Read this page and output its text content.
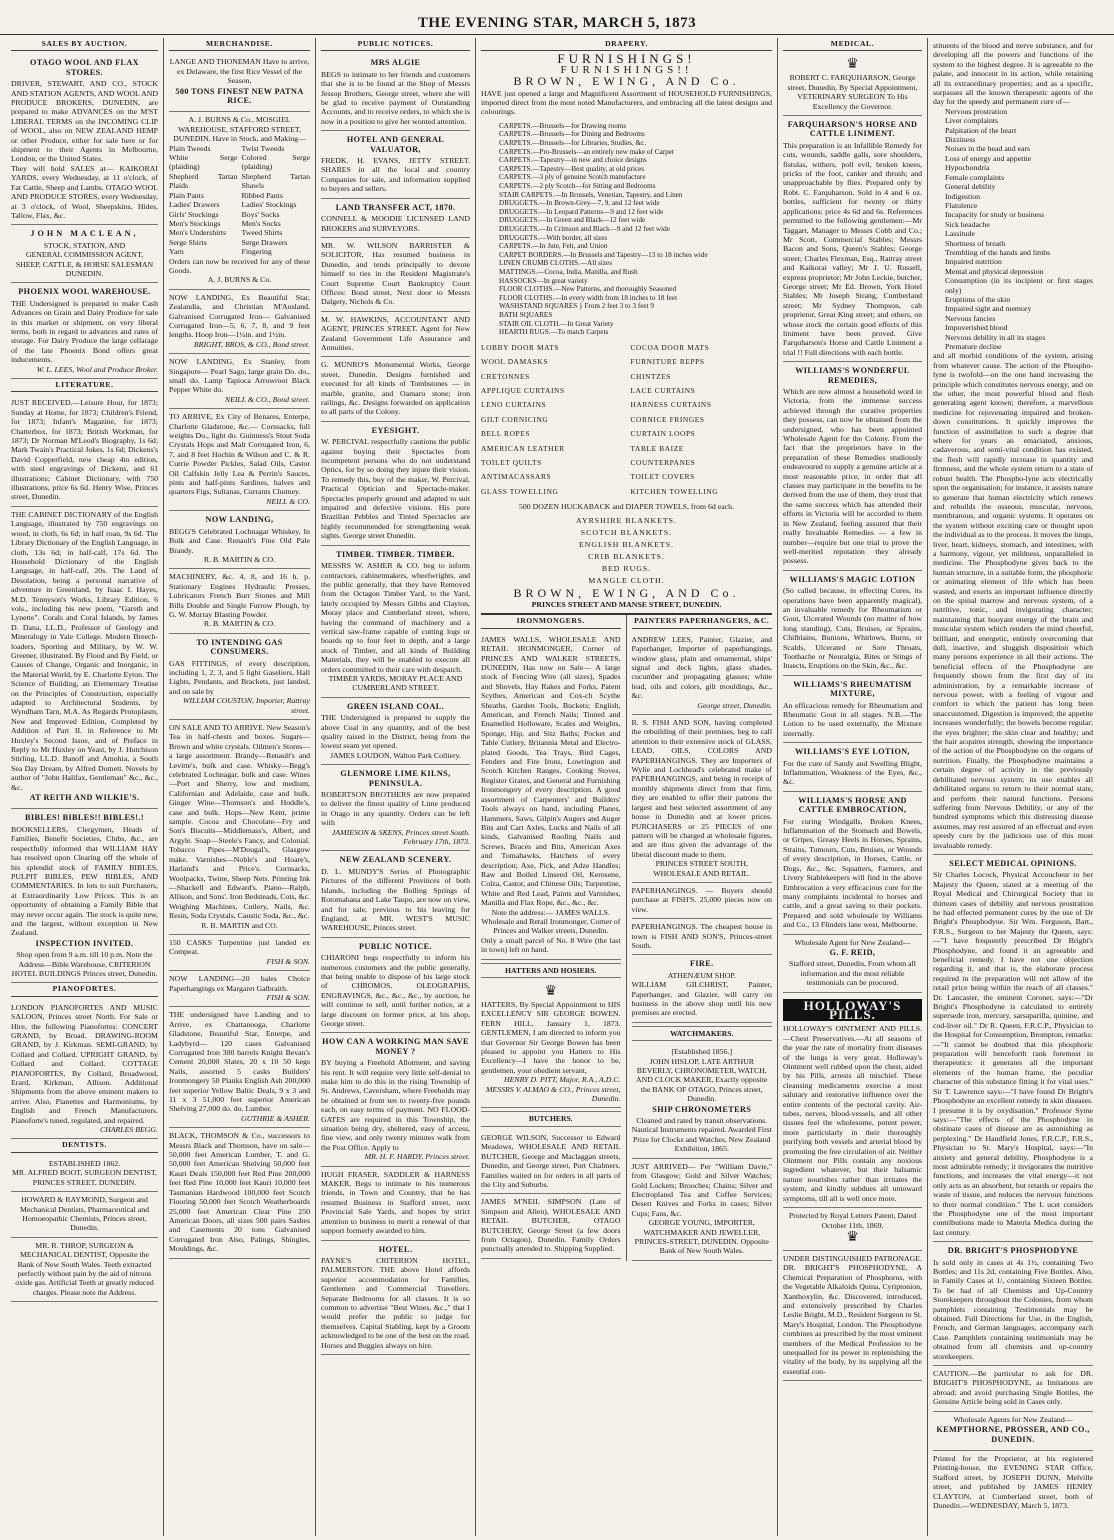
THE EVENING STAR, MARCH 5, 1873
SALES BY AUCTION.
OTAGO WOOL AND FLAX STORES.
DRIVER, STEWART, AND CO., STOCK AND STATION AGENTS, AND WOOL AND PRODUCE BROKERS, DUNEDIN, are prepared to make ADVANCES on the M'ST LIBERAL TERMS on the INCOMING CLIP of WOOL, also on NEW ZEALAND HEMP or other Produce, either for sale here or for shipment to their Agents in Melbourne, London, or the United States.
They will hold SALES at— KAIKORAI YARDS, every Wednesday, at 11 o'clock, of Fat Cattle, Sheep and Lambs. OTAGO WOOL AND PRODUCE STORES, every Wednesday, at 3 o'clock, of Wool, Sheepskins, Hides, Tallow, Flax, &c.
JOHN MACLEAN,
STOCK, STATION, AND
GENERAL COMMISSION AGENT,
SHEEP, CATTLE, & HORSE SALESMAN
DUNEDIN.
PHOENIX WOOL WAREHOUSE.
THE Undersigned is prepared to make Cash Advances on Grain and Dairy Produce for sale in this market or shipment, on very liberal terms, both in regard to advances and rates of storage. For Dairy Produce the large cellarage of the late Phoenix Bond offers great inducements.
W. L. LEES, Wool and Produce Broker.
LITERATURE.
JUST RECEIVED.—Leisure Hour, for 1873; Sunday at Home, for 1873; Children's Friend, for 1873; Infant's Magazine, for 1873; Chatterbox, for 1873; British Workman, for 1873; Dr Norman M'Leod's Biography, 1s 6d; Mark Twain's Practical Jokes, 1s 6d; Dickens's David Copperfield, new cheap 4to edition, with steel engravings of Dickens, and 61 illustrations; Cabinet Dictionary, with 750 illustrations, price 6s 6d. Henry Wise, Princes street, Dunedin.
THE CABINET DICTIONARY of the English Language, illustrated by 750 engravings on wood, in cloth, 6s 6d; in half roan, 9s 6d. The Library Dictionary of the English Language, in cloth, 13s 6d; in half-calf, 17s 6d. The Household Dictionary of the English Language, in half-calf, 20s. The Land of Desolation, being a personal narrative of adventure in Greenland, by Isaac I. Hayes, M.D. Tennyson's Works, Library Edition, 6 vols., including his new poem, "Gareth and Lynette". Corals and Coral Islands, by James D. Dana, LL.D., Professor of Geology and Mineralogy in Yale College. Modern Breech-loaders, Sporting and Military, by W. W. Greener, illustrated. By Flood and By Field, or Causes of Change, Organic and Inorganic, in the Material World, by E. Charlotte Eyton. The Science of Building, an Elementary Treatise on the Principles of Construction, especially adapted to Architectural Students, by Wyndham Tarn, M.A. As Regards Protoplasm, New and Improved Edition, Completed by Addition of Part II. in Reference to Mr Huxley's Second Issue, and of Preface in Reply to Mr Huxley on Yeast, by J. Hutchison Stirling, LL.D. Banoff and Amohia, a South Sea Day Dream, by Alfred Domett. Novels by author of "John Halifax, Gentleman" &c., &c., &c.
AT REITH AND WILKIE'S.
BIBLES! BIBLES!! BIBLES!.!
BOOKSELLERS, Clergymen, Heads of Families, Benefit Societies, Clubs, &c., are respectfully informed that WILLIAM HAY has resolved upon Clearing off the whole of his splendid stock of FAMILY BIBLES, PULPIT BIBLES, PEW BIBLES, AND COMMENTARIES. In lots to suit Purchasers, at Extraordinarily Low Prices. This is an opportunity of obtaining a Family Bible that may never occur again. The stock is quite new, and the largest, without exception in New Zealand.
INSPECTION INVITED.
Shop open from 9 a.m. till 10 p.m. Note the Address—Bible Warehouse, CRITERION HOTEL BUILDINGS Princes street, Dunedin.
PIANOFORTES.
LONDON PIANOFORTES AND MUSIC SALOON, Princes street North. For Sale or Hire, the following Pianofortes: CONCERT GRAND, by Broad. DRAWING-ROOM GRAND, by J. Kirkman. SEMI-GRAND, by Collard and Collard. UPRIGHT GRAND, by Collard and Collard. COTTAGE PIANOFORTES, By Collard, Broadwood, Erard, Kirkman, Allison. Additional Shipments from the above eminent makers to arrive. Also, Pianettes and Harmoniums, by English and French Manufacturers. Pianoforte's tuned, regulated, and repaired.
CHARLES BEGG.
DENTISTS.
ESTABLISHED 1862.
MR. ALFRED BOOT, SURGEON DENTIST, PRINCES STREET, DUNEDIN.
HOWARD & RAYMOND, Surgeon and Mechanical Dentists, Pharmaceutical and Homoeopathic Chemists, Princes street, Dunedin.
MR. R. THROP, SURGEON & MECHANICAL DENTIST, Opposite the Bank of New South Wales. Teeth extracted perfectly without pain by the aid of nitrous oxide gas. Artificial Teeth at greatly reduced charges. Please note the Address.
MERCHANDISE.
LANGE AND THONEMAN Have to arrive, ex Delaware, the first Rice Vessel of the Season,
500 TONS FINEST NEW PATNA RICE.
A. J. BURNS & Co., MOSGIEL WAREHOUSE, STAFFORD STREET, DUNEDIN, Have in Stock, and Making—
Plain Tweeds
White Serge (plaiding)
Shepherd Tartan Plaids
Plain Pants
Ladies' Drawers
Girls' Stockings
Men's Stockings
Men's Undershirts
Serge Shirts
Yarn
Twist Tweeds
Colored Serge (plaiding)
Shepherd Tartan Shawls
Ribbed Pants
Ladies' Stockings
Boys' Socks
Men's Socks
Tweed Shirts
Serge Drawers
Fingering
Orders can now be received for any of these Goods.
A. J. BURNS & Co.
NOW LANDING, Ex Beautiful Star, Zealandia, and Christian M'Ausland. Galvanised Corrugated Iron— Galvanised Corrugated Iron—5, 6, 7, 8, and 9 feet lengths. Hoop Iron—1¼in. and 1½in.
BRIGHT, BROS, & CO., Bond street.
NOW LANDING, Ex Stanley, from Singapore— Pearl Sago, large grain Do. do., small do. Lamp Tapioca Arrowroot Black Pepper White do.
NEILL & CO., Bond street.
TO ARRIVE, Ex City of Benares, Enterpe, Charlotte Gladstone, &c.— Cornsacks, full weights Do., light do. Guinness's Stout Soda Crystals Hops and Malt Corrugated Iron, 6, 7, and 8 feet Hochin & Wilson and C. & R. Currie Powder Pickles, Salad Oils, Castor Oil Calfskin Jelly Lea & Perrin's Sauces, pints and half-pints Sardines, halves and quarters Figs, Sultanas, Currants Chutney.
NEILL & CO.
NOW LANDING,
BEGG'S Celebrated Lochnagar Whiskey, In Bulk and Case. Renault's Fine Old Pale Brandy.
R. B. MARTIN & CO.
MACHINERY, &c. 4, 8, and 16 h. p. Stationary Engines Hydraulic Presses, Lubricators French Burr Stones and Mill Bills Double and Single Furrow Plough, by G. W. Murray Blasting Powder.
R. B. MARTIN & CO.
TO INTENDING GAS CONSUMERS.
GAS FITTINGS, of every description, including 1, 2, 3, and 5 light Gaseliers, Hall Lights, Pendants, and Brackets, just landed, and on sale by
WILLIAM COUSTON, Importer, Rattray street.
ON SALE AND TO ARRIVE. New Season's Tea in half-chests and boxes. Sugars—Brown and white crystals. Oilmen's Stores—a large assortment. Brandy—Renault's and Levitte's, bulk and case. Whisky—Begg's celebrated Lochnagar, bulk and case. Wines—Port and Sherry, low and medium, Californian and Adelaide, case and bulk. Ginger Wine—Thomson's and Hoddle's, case and bulk. Hops—New Kent, prime sample. Cocoa and Chocolate—Fry and Son's Biscuits—Middlemass's, Albert, and Argyle. Soap—Steele's Fancy, and Colonial. Tobacco Pipes—M'Dougal's, Glasgow make. Varnishes—Noble's and Hoare's, Harland's and Price's. Cornsacks, Woolpacks, Twine, Sheep Nets. Printing Ink—Shackell and Edward's. Piano—Ralph, Allison, and Sons'. Iron Bedsteads, Cots, &c. Weighing Machines, Cutlery, Nails, &c. Resin, Soda Crystals, Caustic Soda, &c., &c.
R. B. MARTIN and CO.
150 CASKS Turpentine just landed ex Compeat.
FISH & SON.
NOW LANDING—20 bales Choice Paperhangings ex Margaret Galbraith.
FISH & SON.
THE undersigned have Landing and to Arrive, ex Chattanooga, Charlotte Gladstone, Beautiful Star, Enterpe, and Ladybyrd— 120 cases Galvanised Corrugated Iron 300 barrels Knight Bevan's Cement 20,000 Slates, 20 x 10 50 kegs Nails, assorted 5 casks Builders' Ironmongery 50 Planks English Ash 200,000 feet superior Yellow Baltic Deals, 9 x 3 and 11 x 3 51,000 feet superior American Shelving 27,000 do. do. Lumber.
GUTHRIE & ASHER.
BLACK, THOMSON & Co., successors to Messrs Black and Thomson, have on sale— 50,000 feet American Lumber, T. and G. 50,000 feet American Shelving 50,000 feet Kauri Deals 150,000 feet Red Pine 200,000 feet Red Pine 10,000 feet Kauri 10,000 feet Tasmanian Hardwood 100,000 feet Scotch Flooring 50,000 feet Scotch Weatherboards 25,000 feet American Clear Pine 250 American Doors, all sizes 500 pairs Sashes and Casements 20 tons Galvanised Corrugated Iron Also, Palings, Shingles, Mouldings, &c.
PUBLIC NOTICES.
MRS ALGIE
BEGS to intimate to her friends and customers that she is to be found at the Shop of Messrs Jessop Brothers, George street, where she will be glad to receive payment of Outstanding Accounts, and to receive orders, to which she is now in a position to give her wonted attention.
HOTEL AND GENERAL VALUATOR,
FREDK. H. EVANS, JETTY STREET. SHARES in all the local and country Companies for sale, and information supplied to buyers and sellers.
LAND TRANSFER ACT, 1870.
CONNELL & MOODIE LICENSED LAND BROKERS and SURVEYORS.
MR. W. WILSON BARRISTER & SOLICITOR, Has resumed business in Dunedin, and tends principally to devote himself to ties in the Resident Magistrate's Court Supreme Court Bankruptcy Court Offices: Bond street, Next door to Messrs Dalgety, Nichols & Co.
M. W. HAWKINS, ACCOUNTANT AND AGENT, PRINCES STREET. Agent for New Zealand Government Life Assurance and Annuities.
G. MUNRO'S Monumental Works, George street, Dunedin. Designs furnished and executed for all kinds of Tombstones — in marble, granite, and Oamaru stone; iron railings, &c. Designs forwarded on application to all parts of the Colony.
EYESIGHT.
W. PERCIVAL respectfully cautions the public against buying their Spectacles from incompetent persons who do not understand Optics, for by so doing they injure their vision. To remedy this, buy of the maker, W. Percival, Practical Optician and Spectacle-maker. Spectacles properly ground and adapted to suit impaired and defective visions. His pure Brazilian Pebbles and Tinted Spectacles are highly recommended for strengthening weak sights. George street Dunedin.
TIMBER. TIMBER. TIMBER.
MESSRS W. ASHER & CO. beg to inform contractors, cabinetmakers, wheelwrights, and the public generally, that they have Removed from the Octagon Timber Yard, to the Yard, lately occupied by Messrs Gibbs and Clayton, Moray place and Cumberland street, where, having the command of machinery and a vertical saw-frame capable of cutting logs or boards up to four feet in depth, and a large stock of Timber, and all kinds of Building Materials, they will be enabled to execute all orders committed to their care with despatch.
TIMBER YARDS, MORAY PLACE AND CUMBERLAND STREET.
GREEN ISLAND COAL.
THE Undersigned is prepared to supply the above Coal in any quantity, and of the best quality raised in the District, being from the lowest seam yet opened.
JAMES LOUDON, Walton Park Colliery.
GLENMORE LIME KILNS, PENINSULA.
ROBERTSON BROTHERS are now prepared to deliver the finest quality of Lime produced in Otago in any quantity. Orders can be left with
JAMIESON & SKENS, Princes street South. February 17th, 1873.
NEW ZEALAND SCENERY.
D. L. MUNDY'S Series of Photographic Pictures of the different Provinces of both Islands, including the Boiling Springs of Rotomahana and Lake Taupo, are now on view, and for sale, previous to his leaving for England, at MR. WEST'S MUSIC WAREHOUSE, Princes street.
PUBLIC NOTICE.
CHIARONI begs respectfully to inform his numerous customers and the public generally, that being unable to dispose of his large stock of CHROMOS, OLEOGRAPHS, ENGRAVINGS, &c., &c., &c., by auction, he will continue to sell, until further notice, at a large discount on former price, at his shop, George street.
HOW CAN A WORKING MAN SAVE MONEY ?
BY buying a Freehold Allotment, and saving his rent. It will require very little self-denial to make him to do this in the rising Township of St. Andrews, Caversham, where Freeholds may be obtained at from ten to twenty-five pounds each, on easy terms of payment. NO FLOOD-GATES are required in this Township, the situation being dry, sheltered, easy of access, fine view, and only twenty minutes walk from the Post Office. Apply to
MR. H. F. HARDY, Princes street.
HUGH FRASER, SADDLER & HARNESS MAKER, Begs to intimate to his numerous friends, in Town and Country, that he has resumed Business in Stafford street, next Provincial Sale Yards, and hopes by strict attention to business to merit a renewal of that support formerly awarded to him.
HOTEL.
PAYNE'S CRITERION HOTEL, PALMERSTON. THE above Hotel affords superior accommodation for Families, Gentlemen and Commercial Travellers. Separate Bedrooms for all classes. It is so common to advertise "Best Wines, &c.," that I would prefer the public to judge for themselves. Capital Stabling, kept by a Groom acknowledged to be one of the best on the road. Horses and Buggies always on hire.
DRAPERY.
FURNISHINGS!
FURNISHINGS!!
BROWN, EWING, AND Co.
HAVE just opened a large and Magnificent Assortment of HOUSEHOLD FURNISHINGS, imported direct from the most noted Manufacturers, and embracing all the latest designs and colourings.
CARPETS.—Brussels—for Drawing rooms
CARPETS.—Brussels—for Dining and Bedrooms
CARPETS.—Brussels—for Libraries, Studies, &c.
CARPETS.—Pro-Brussels—an entirely new make of Carpet
CARPETS.—Tapestry—in new and choice designs
CARPETS.—Tapestry—Best quality, at old prices
CARPETS.—3 ply of genuine Scotch manufacture
CARPETS.—2 ply Scotch—for Sitting and Bedrooms
STAIR CARPETS.—In Brussels, Venetian, Tapestry, and Linen
DRUGGETS.—In Brown-Grey—7, 9, and 12 feet wide
DRUGGETS.—In Leopard Patterns—9 and 12 feet wide
DRUGGETS.—In Green and Black—12 feet wide
DRUGGETS.—In Crimson and Black—9 and 12 feet wide
DRUGGETS.—With border, all sizes
CARPETS.—In Jute, Felt, and Union
CARPET BORDERS.—In Brussels and Tapestry—13 to 18 inches wide
LINEN CRUMB CLOTHS.—All sizes
MATTINGS.—Cocoa, India, Manilla, and Rush
HASSOCKS—In great variety
FLOOR CLOTHS.—New Patterns, and thoroughly Seasoned
FLOOR CLOTHS.—In every width from 18 inches to 18 feet
WASHSTAND SQUARES } From 2 feet 3 to 3 feet 9
BATH SQUARES
STAIR OIL CLOTH.—In Great Variety
HEARTH RUGS.—To match Carpets
LOBBY DOOR MATS	COCOA DOOR MATS
WOOL DAMASKS	FURNITURE REPPS
CRETONNES	CHINTZES
APPLIQUE CURTAINS	LACE CURTAINS
LENO CURTAINS	HARNESS CURTAINS
GILT CORNICING	CORNICE FRINGES
BELL ROPES	CURTAIN LOOPS
AMERICAN LEATHER	TABLE BAIZE
TOILET QUILTS	COUNTERPANES
ANTIMACASSARS	TOILET COVERS
GLASS TOWELLING	KITCHEN TOWELLING
500 DOZEN HUCKABACK and DIAPER TOWELS, from 6d each.
AYRSHIRE BLANKETS.
SCOTCH BLANKETS.
ENGLISH BLANKETS.
CRIB BLANKETS.
BED RUGS.
MANGLE CLOTH.
BROWN, EWING, AND Co.
PRINCES STREET AND MANSE STREET, DUNEDIN.
IRONMONGERS.
JAMES WALLS, WHOLESALE AND RETAIL IRONMONGER, Corner of PRINCES AND WALKER STREETS, DUNEDIN, Has now on Sale— A large stock of Fencing Wire (all sizes), Spades and Shovels, Hay Rakes and Forks, Patent Scythes, American and Cox-ch Scythe Sheaths, Garden Tools, Buckets; English, American, and French Nails; Tinned and Enamelled Holloware, Scales and Weights, Sponge, Hip, and Sitz Baths; Pocket and Table Cutlery, Britannia Metal and Electro-plated Goods, Tea Trays, Bird Cages, Fenders and Fire Irons, Lowrington and Scotch Kitchen Ranges, Cooking Stoves, Register Grates, and General and Furnishing Ironmongery of every description. A good assortment of Carpenters' and Builders' Tools always on hand, including Planes, Hammers, Saws, Gilpin's Augers and Auger Bits and Cart Axles, Locks and Nails of all kinds, Galvanised Roofing Nails and Screws, Braces and Bits, American Axes and Tomahawks, Hatchets of every description; Axe, Pick, and Adze Handles; Raw and Boiled Linseed Oil, Kerosene, Colza, Castor, and Chinese Oils; Turpentine, White and Red Lead, Paints and Varnishes, Manilla and Flax Rope, &c., &c., &c.
Note the address:— JAMES WALLS. Wholesale and Retail Ironmonger, Corner of Princes and Walker streets, Dunedin.
Only a small parcel of No. 8 Wire (the last in town) left on hand.
HATTERS AND HOSIERS.
♛
HATTERS, By Special Appointment to HIS EXCELLENCY SIR GEORGE BOWEN. FERN HILL, January 1, 1873. GENTLEMEN, I am directed to inform you that Governor Sir George Bowen has been pleased to appoint you Hatters to His Excellency—I have the honor to be, gentlemen, your obedient servant,
HENRY D. PITT, Major, R.A., A.D.C. MESSRS V. ALMAO & CO., Princes street, Dunedin.
BUTCHERS.
GEORGE WILSON, Successor to Edward Meadows, WHOLESALE AND RETAIL BUTCHER, George and Maclaggan streets, Dunedin, and George street, Port Chalmers. Families waited on for orders in all parts of the City and Suburbs.
JAMES M'NEIL SIMPSON (Late of Simpson and Allen), WHOLESALE AND RETAIL BUTCHER, OTAGO BUTCHERY, George Street (a few doors from Octagon), Dunedin. Family Orders punctually attended to. Shipping Supplied.
PAINTERS PAPERHANGERS, &C.
ANDREW LEES, Painter, Glazier, and Paperhanger, Importer of paperhangings, window glass, plain and ornamental, ships' signal and deck lights, glass shades, cucumber and propagating glasses; white lead, oils and colors, gilt mouldings, &c., &c.
George street, Dunedin.
R. S. FISH AND SON, having completed the rebuilding of their premises, beg to call attention to their extensive stock of GLASS, LEAD, OILS, COLORS AND PAPERHANGINGS. They are Importers of Wylie and Lochhead's celebrated make of PAPERHANGINGS, and being in receipt of monthly shipments direct from that firm, they are enabled to offer their patrons the largest and best selected assortment of any house in Dunedin and at lower prices. PURCHASERS or 25 PIECES of one pattern will be charged at wholesale figures, and are thus given the advantage of the liberal discount made to them.
PRINCES STREET SOUTH, WHOLESALE AND RETAIL.
PAPERHANGINGS. — Buyers should purchase at FISH'S. 25,000 pieces now on view.
PAPERHANGINGS. The cheapest house in town is FISH AND SON'S, Princes-street South.
FIRE.
ATHENÆUM SHOP.
WILLIAM GILCHRIST, Painter, Paperhanger, and Glazier, will carry on business in the above shop until his new premises are erected.
WATCHMAKERS.
[Established 1856.]
JOHN HISLOP, LATE ARTHUR BEVERLY, CHRONOMETER, WATCH, AND CLOCK MAKER, Exactly opposite the BANK OF OTAGO, Princes street, Dunedin.
SHIP CHRONOMETERS
Cleaned and rated by transit observations. Nautical Instruments repaired. Awarded First Prize for Clocks and Watches, New Zealand Exhibition, 1865.
JUST ARRIVED— Per "William Davie," from Glasgow; Gold and Silver Watches; Gold Lockets; Brooches; Chains; Silver and Electroplated Tea and Coffee Services; Desert Knives and Forks in cases; Silver Cups; Fans, &c.
GEORGE YOUNG, IMPORTER, WATCHMAKER AND JEWELLER, PRINCES-STREET, DUNEDIN. Opposite Bank of New South Wales.
MEDICAL.
♛
ROBERT C. FARQUHARSON, George street, Dunedin, By Special Appointment, VETERINARY SURGEON To His Excellency the Governor.
FARQUHARSON'S HORSE AND CATTLE LINIMENT.
This preparation is an Infallible Remedy for cuts, wounds, saddle galls, sore shoulders, fistulas, withers, poll evil, broken knees, pricks of the foot, canker and thrush; and unapproachable by flies. Prepared only by Robt. C. Farquharson. Sold in 4 and 6 oz. bottles, sufficient for twenty or thirty applications; price 4s 6d and 6s. References permitted to the following gentlemen:—Mr Taggart, Manager to Messrs Cobb and Co.; Mr Scott, Commercial Stables; Messrs Bacon and Sons, Queen's Stables; George street; Charles Flexman, Esq., Rattray street and Kaikorai valley; Mr J. U. Russell, express proprietor; Mr John Leckie, butcher, George street; Mr Ed. Brown, York Hotel Stables; Mr Joseph Strang, Cumberland street; Mr Sydney Thompson, cab proprietor, Great King street; and others, on whose stock the certain good effects of this liniment have been proved. Give Farquharson's Horse and Cattle Liniment a trial !! Full directions with each bottle.
WILLIAMS'S WONDERFUL REMEDIES,
Which are now almost a household word in Victoria, from the immense success achieved through the curative properties they possess, can now be obtained from the undersigned, who has been appointed Wholesale Agent for the Colony. From the fact that the proprietors have in the preparation of these Remedies studiously endeavoured to supply a genuine article at a most reasonable price, in order that all classes may participate in the benefits to be derived from the use of them, they trust that the same success which has attended their efforts in Victoria will be accorded to them in New Zealand, feeling assured that their really Invaluable Remedies — a few in number—require but one trial to prove the well-merited reputation they already possess.
WILLIAMS'S MAGIC LOTION
(So called because, in effecting Cures, its operations have been apparently magical), an invaluable remedy for Rheumatism or Gout, Ulcerated Wounds (no matter of how long standing), Cuts, Bruises, or Sprains, Chilblains, Bunions, Whitlows, Burns, or Scalds, Ulcerated or Sore Throats, Toothache or Neuralgia, Bites or Stings of Insects, Eruptions on the Skin, &c., &c.
WILLIAMS'S RHEUMATISM MIXTURE,
An efficacious remedy for Rheumatism and Rheumatic Gout in all stages. N.B.—The Lotion to be used externally, the Mixture internally.
WILLIAMS'S EYE LOTION,
For the cure of Sandy and Swelling Blight, Inflammation, Weakness of the Eyes, &c., &c.
WILLIAMS'S HORSE AND CATTLE EMBROCATION,
For curing Windgalls, Broken Knees, Inflammation of the Stomach and Bowels, or Gripes, Greasy Heels in Horses, Sprains, Strains, Tumours, Cuts, Bruises, or Wounds of every description, in Horses, Cattle, or Dogs, &c., &c. Squatters, Farmers, and Livery Stablekeepers will find in the above Embrocation a very efficacious cure for the many complaints incidental to horses and cattle, and a great saving to their pockets. Prepared and sold wholesale by Williams and Co., 13 Flinders lane west, Melbourne.
Wholesale Agent for New Zealand—
G. F. REID,
Stafford street, Dunedin, From whom all information and the most reliable testimonials can be procured.
HOLLOWAY'S PILLS.
HOLLOWAY'S OINTMENT AND PILLS.—Chest Preservatives.—At all seasons of the year the rate of mortality from diseases of the lungs is very great. Holloway's Ointment well rubbed upon the chest, aided by his Pills, arrests all mischief. These cleansing medicaments exercise a most salutary and restorative influence over the entire contents of the pectoral cavity. Air-tubes, nerves, blood-vessels, and all other tissues feel the wholesome, potent power, more particularly in their thoroughly purifying both vessels and arterial blood by promoting the free circulation of air. Neither Ointment nor Pills contain any noxious ingredient whatever, but their balsamic nature nourishes rather than irritates the system, and kindly subdues all untoward symptoms, till all is well once more.
Protected by Royal Letters Patent, Dated October 11th, 1869.
♛
UNDER DISTINGUISHED PATRONAGE. DR. BRIGHT'S PHOSPHODYNE, A Chemical Preparation of Phosphorus, with the Vegetable Alkaloids Quina, Cyriptonion, Xanthoxylin, &c. Discovered, introduced, and extensively prescribed by Charles Leslie Bright, M.D., Resident Surgeon to St. Mary's Hospital, London. The Phosphodyne combines as prescribed by the most eminent members of the Medical Profession to be unequalled for its power in replenishing the vitality of the body, by its supplying all the essential con-
stituents of the blood and nerve substance, and for developing all the powers and functions of the system to the highest degree. It is agreeable to the palate, and innocent in its action, while retaining all its extraordinary properties; and as a specific, surpasses all the known therapeutic agents of the day for the speedy and permanent cure of—
Nervous prostration
Liver complaints
Palpitation of the heart
Dizziness
Noises in the head and ears
Loss of energy and appetite
Hypochondria
Female complaints
General debility
Indigestion
Flatulence
Incapacity for study or business
Sick headache
Lassitude
Shortness of breath
Trembling of the hands and limbs
Impaired nutrition
Mental and physical depression
Consumption (in its incipient or first stages only)
Eruptions of the skin
Impaired sight and memory
Nervous fancies
Impoverished blood
Nervous debility in all its stages
Premature decline
and all morbid conditions of the system, arising from whatever cause. The action of the Phospho-lyne is twofold—on the one hand increasing the principle which constitutes nervous energy, and on the other, the most powerful blood and flesh generating agent known; therefore, a marvellous medicine for rejuvenating impaired and broken-down constitutions. It quickly improves the function of assimilation to such a degree that where for years an emaciated, anxious, cadaverous, and semi-vital condition has existed, the flesh will rapidly increase in quantity and firmness, and the whole system return to a state of robust health. The Phospho-lyne acts electrically upon the organisation; for instance, it assists nature to generate that human electricity which renews and rebuilds the osseous, muscular, nervous, membranous, and organic systems. It operates on the system without exciting care or thought upon the individual as to the process. It moves the lungs, liver, heart, kidneys, stomach, and intestines, with a harmony, vigour, yet mildness, unparalleled in medicine. The Phosphodyne gives back to the human structure, in a suitable form, the phosphoric or animating element of life which has been wasted, and exerts an important influence directly on the spinal marrow and nervous system, of a nutritive, tonic, and invigorating character; maintaining that buoyant energy of the brain and muscular system which renders the mind cheerful, brilliant, and energetic, entirely overcoming that dull, inactive, and sluggish disposition which many persons experience in all their actions. The beneficial effects of the Phosphodyne are frequently shown from the first day of its administration, by a remarkable increase of nervous power, with a feeling of vigour and comfort to which the patient has long been unaccustomed. Digestion is improved; the appetite increases wonderfully; the bowels become regular; the eyes brighter; the skin clear and healthy; and the hair acquires strength, showing the importance of the action of the Phosphodyne on the organs of nutrition. Finally, the Phosphodyne maintains a certain degree of activity in the previously debilitated nervous system; its use enables all debilitated organs to return to their normal state, and perform their natural functions. Persons suffering from Nervous Debility, or any of the hundred symptoms which this distressing disease assumes, may rest assured of an effectual and even speedy cure by the judicious use of this most invaluable remedy.
SELECT MEDICAL OPINIONS.
Sir Charles Locock, Physical Accoucheur to her Majesty the Queen, stated at a meeting of the Royal Medical and Chirurgical Society that in thirteen cases of debility and nervous prostration he had effected permanent cures by the use of Dr Bright's Phosphodyne. Sir Wm. Ferguson, Bart., F.R.S., Surgeon to her Majesty the Queen, says:—"I have frequently prescribed Dr Bright's Phosphodyne, and found it an agreeable and beneficial remedy. I have not one objection regarding it, and that is, the elaborate process required in the preparation will not allow of the retail price being within the reach of all classes." Dr. Lancaster, the eminent Coroner, says:—"Dr Bright's Phosphodyne is calculated to entirely supersede iron, mercury, sarsaparilla, quinine, and cod-liver oil." Dr R. Queen, F.R.C.P., Physician to the Hospital for Consumption, Brompton, remarks:—"It cannot be doubted that this phosphoric preparation will henceforth rank foremost in therapeutics: it generates all the important elements of the human frame, the peculiar character of this substance fitting it for vital uses." Sir T. Lawrence says:—"I have found Dr Bright's Phosphodyne an excellent remedy in skin diseases. I presume it is by oxydisation." Professor Syme says:—"The effects of the Phosphodyne in obstinate cases of disease are as astonishing as perplexing." Dr Handfield Jones, F.R.C.P., F.R.S., Physician to St. Mary's Hospital, says:—"In anxiety and general debility, Phosphodyne is a most admirable remedy; it invigorates the nutritive functions, and increases the vital energy—it not only acts as an absorbent, but retards or repairs the waste of tissue, and reduces the nervous functions to their normal condition." The L ucet considers the Phosphodyne one of the most important contributions made to Materia Medica during the last century.
DR. BRIGHT'S PHOSPHODYNE
Is sold only in cases at 4s 1½, containing Two Bottles; and 11s 2d, containing Five Bottles. Also, in Family Cases at 1/, containing Sixteen Bottles. To be had of all Chemists and Up-Country Storekeepers throughout the Colonies, from whom pamphlets containing Testimonials may be obtained. Full Directions for Use, in the English, French, and German languages, accompany each Case. Pamphlets containing testimonials may be obtained from all chemists and up-country storekeepers.
CAUTION.—Be particular to ask for DR. BRIGHT'S PHOSPHODYNE, as Imitations are abroad; and avoid purchasing Single Bottles, the Genuine Article being sold in Cases only.
Wholesale Agents for New Zealand—
KEMPTHORNE, PROSSER, AND CO., DUNEDIN.
Printed for the Proprietor, at his registered Printing-house, the EVENING STAR Office, Stafford street, by JOSEPH DUNN, Melville street, and published by JAMES HENRY CLAYTON, at Cumberland street, both of Dunedin.—WEDNESDAY, March 5, 1873.
